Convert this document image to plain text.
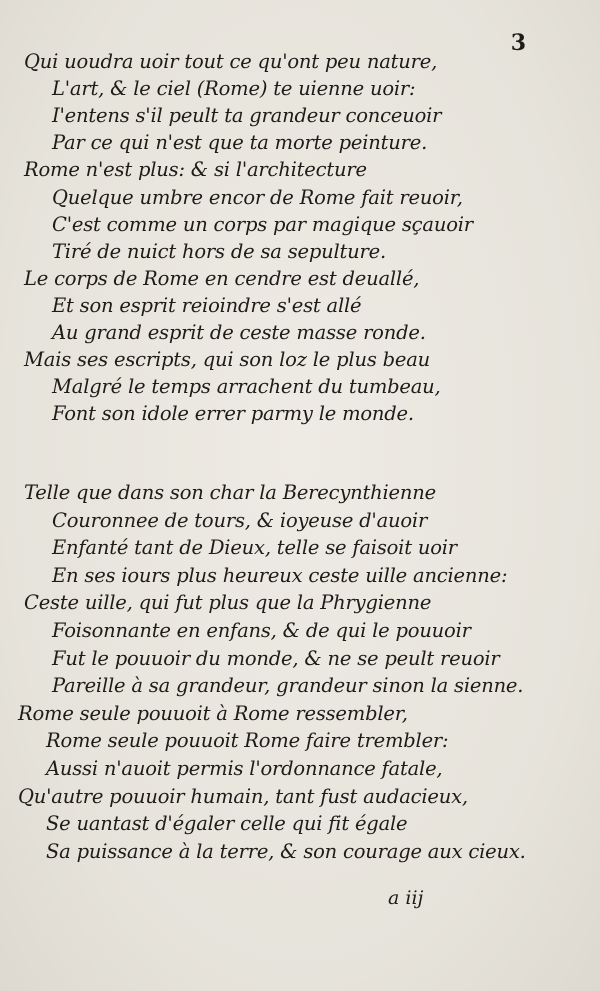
3
Qui uoudra uoir tout ce qu'ont peu nature,
L'art, & le ciel (Rome) te uienne uoir:
I'entens s'il peult ta grandeur conceuoir
Par ce qui n'est que ta morte peinture.
Rome n'est plus: & si l'architecture
Quelque umbre encor de Rome fait reuoir,
C'est comme un corps par magique sçauoir
Tiré de nuict hors de sa sepulture.
Le corps de Rome en cendre est deuallé,
Et son esprit reioindre s'est allé
Au grand esprit de ceste masse ronde.
Mais ses escripts, qui son loz le plus beau
Malgré le temps arrachent du tumbeau,
Font son idole errer parmy le monde.
Telle que dans son char la Berecynthienne
Couronnee de tours, & ioyeuse d'auoir
Enfanté tant de Dieux, telle se faisoit uoir
En ses iours plus heureux ceste uille ancienne:
Ceste uille, qui fut plus que la Phrygienne
Foisonnante en enfans, & de qui le pouuoir
Fut le pouuoir du monde, & ne se peult reuoir
Pareille à sa grandeur, grandeur sinon la sienne.
Rome seule pouuoit à Rome ressembler,
Rome seule pouuoit Rome faire trembler:
Aussi n'auoit permis l'ordonnance fatale,
Qu'autre pouuoir humain, tant fust audacieux,
Se uantast d'égaler celle qui fit égale
Sa puissance à la terre, & son courage aux cieux.
a iij
